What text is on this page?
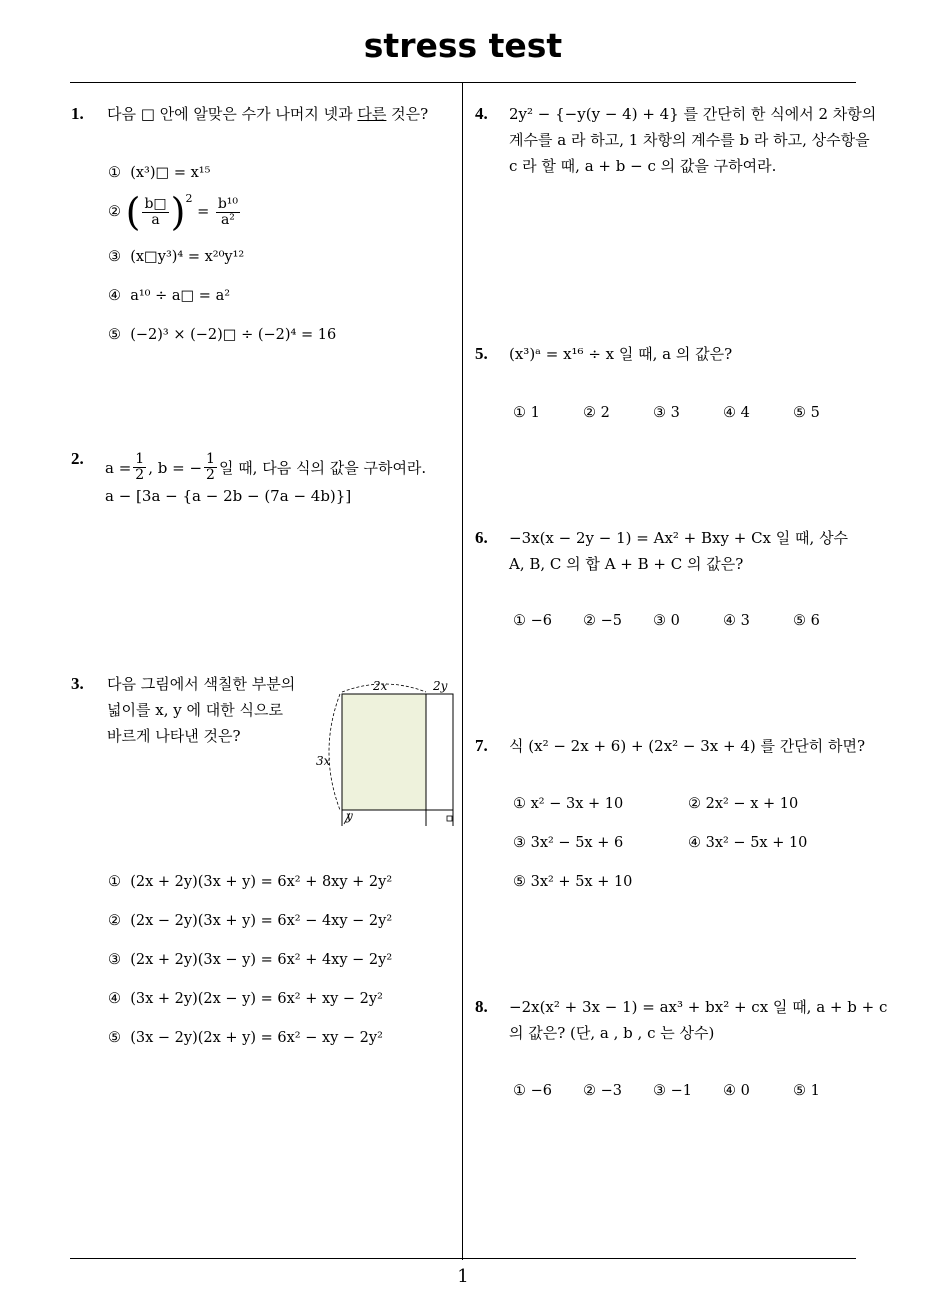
stress test
1
1. 다음 □ 안에 알맞은 수가 나머지 넷과 다른 것은?
① (x³)□ = x¹⁵
②
( $\frac{b□}{a} )^2$

=
$\frac{\text{b¹⁰}}{\text{a²}}$
③ (x□y³)⁴ = x²⁰y¹²
④ a¹⁰ ÷ a□ = a²
⑤ (−2)³ × (−2)□ ÷ (−2)⁴ = 16
2. $a = \frac{1}{2}$ , b = − $\frac{1}{2}$ 일 때, 다음 식의 값을 구하여라.
a − [3a − {a − 2b − (7a − 4b)}]
3. 다음 그림에서 색칠한 부분의
넓이를 x, y 에 대한 식으로
바르게 나타낸 것은?
2x	2y
3x
y
① (2x + 2y)(3x + y) = 6x² + 8xy + 2y²
② (2x − 2y)(3x + y) = 6x² − 4xy − 2y²
③ (2x + 2y)(3x − y) = 6x² + 4xy − 2y²
④ (3x + 2y)(2x − y) = 6x² + xy − 2y²
⑤ (3x − 2y)(2x + y) = 6x² − xy − 2y²
4. 2y² − {−y(y − 4) + 4} 를 간단히 한 식에서 2 차항의
계수를 a 라 하고, 1 차항의 계수를 b 라 하고, 상수항을
c 라 할 때, a + b − c 의 값을 구하여라.
5. (x³)ᵃ = x¹⁶ ÷ x 일 때, a 의 값은?
① 1	② 2	③ 3	④ 4	⑤ 5
6. −3x(x − 2y − 1) = Ax² + Bxy + Cx 일 때, 상수
A, B, C 의 합 A + B + C 의 값은?
① −6 ② −5 ③ 0	④ 3	⑤ 6
7. 식 (x² − 2x + 6) + (2x² − 3x + 4) 를 간단히 하면?
① x² − 3x + 10	② 2x² − x + 10
③ 3x² − 5x + 6	④ 3x² − 5x + 10
⑤ 3x² + 5x + 10
8. −2x(x² + 3x − 1) = ax³ + bx² + cx 일 때, a + b + c
의 값은? (단, a , b , c 는 상수)
① −6 ② −3 ③ −1 ④ 0	⑤ 1
